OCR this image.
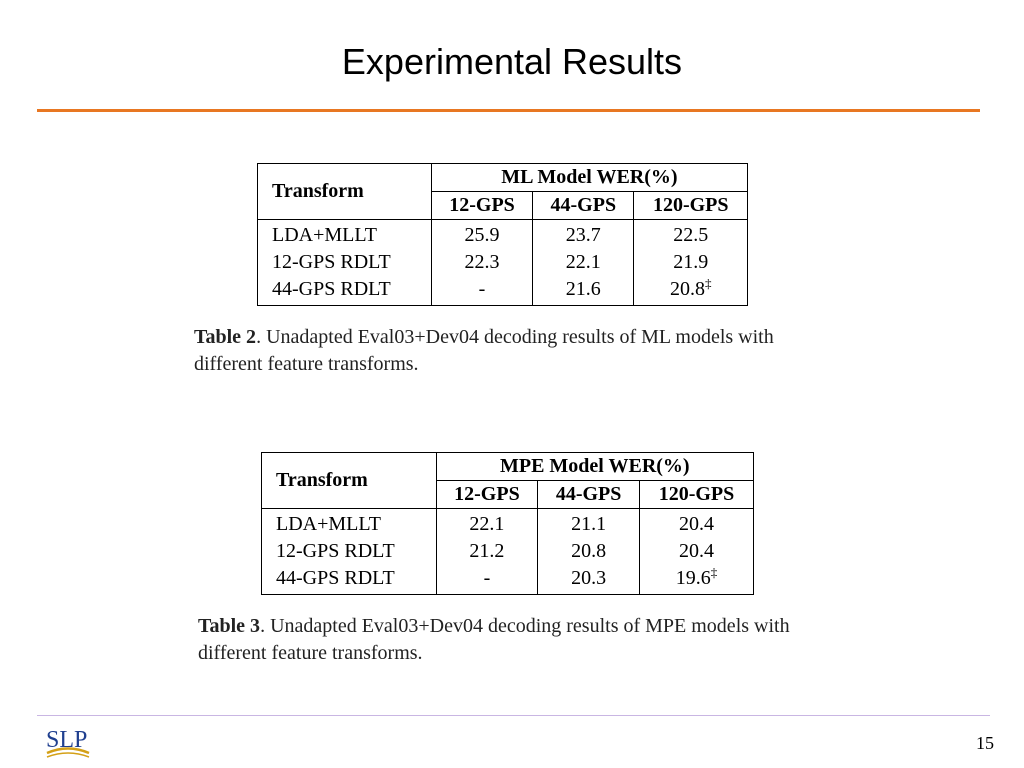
Experimental Results
Transform	ML Model WER(%)		
	12-GPS	44-GPS	120-GPS
LDA+MLLT	25.9	23.7	22.5
12-GPS RDLT	22.3	22.1	21.9
44-GPS RDLT	-	21.6	20.8‡
Table 2. Unadapted Eval03+Dev04 decoding results of ML models with different feature transforms.
Transform	MPE Model WER(%)		
	12-GPS	44-GPS	120-GPS
LDA+MLLT	22.1	21.1	20.4
12-GPS RDLT	21.2	20.8	20.4
44-GPS RDLT	-	20.3	19.6‡
Table 3. Unadapted Eval03+Dev04 decoding results of MPE models with different feature transforms.
SLP	15
